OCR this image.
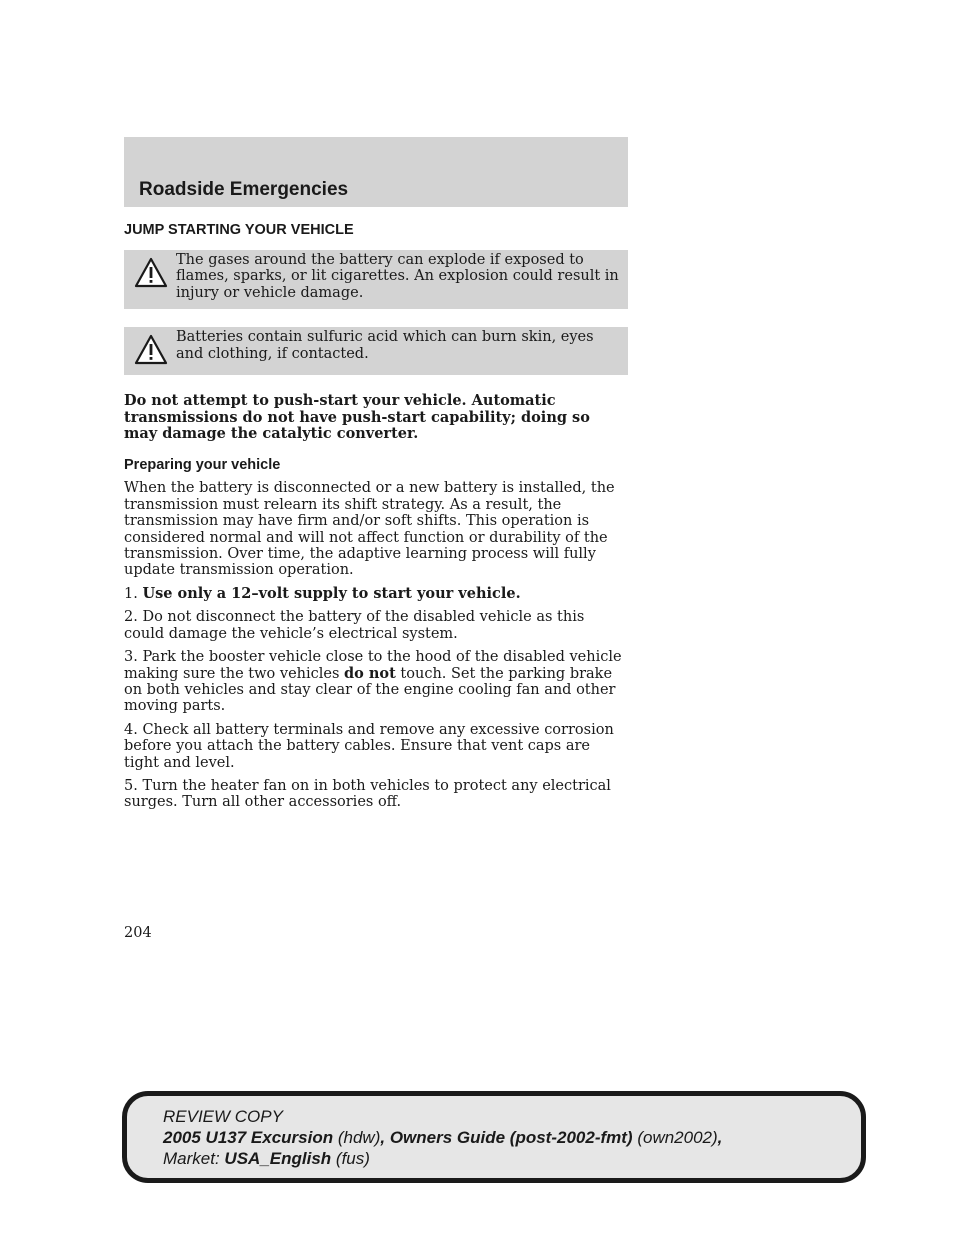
Roadside Emergencies
JUMP STARTING YOUR VEHICLE

The gases around the battery can explode if exposed to flames, sparks, or lit cigarettes. An explosion could result in injury or vehicle damage.

Batteries contain sulfuric acid which can burn skin, eyes and clothing, if contacted.

Do not attempt to push-start your vehicle. Automatic transmissions do not have push-start capability; doing so may damage the catalytic converter.

Preparing your vehicle

When the battery is disconnected or a new battery is installed, the transmission must relearn its shift strategy. As a result, the transmission may have firm and/or soft shifts. This operation is considered normal and will not affect function or durability of the transmission. Over time, the adaptive learning process will fully update transmission operation.

1. Use only a 12–volt supply to start your vehicle.

2. Do not disconnect the battery of the disabled vehicle as this could damage the vehicle’s electrical system.

3. Park the booster vehicle close to the hood of the disabled vehicle making sure the two vehicles do not touch. Set the parking brake on both vehicles and stay clear of the engine cooling fan and other moving parts.

4. Check all battery terminals and remove any excessive corrosion before you attach the battery cables. Ensure that vent caps are tight and level.

5. Turn the heater fan on in both vehicles to protect any electrical surges. Turn all other accessories off.

204
REVIEW COPY
2005 U137 Excursion (hdw), Owners Guide (post-2002-fmt) (own2002),
Market: USA_English (fus)
